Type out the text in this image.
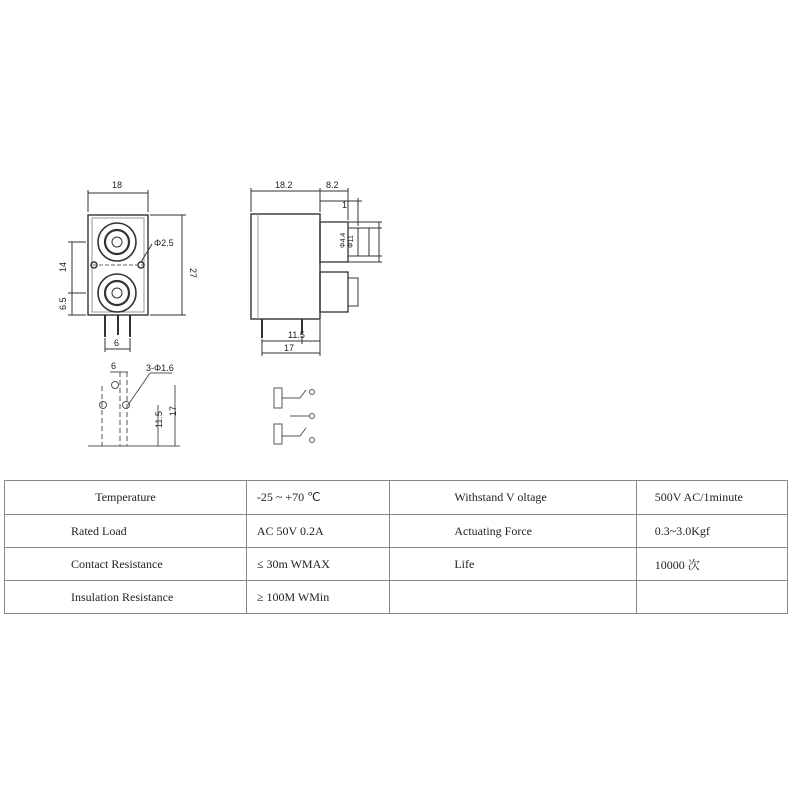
18
Φ2.5
27
14
6.5
6
18.2	8.2
1
Φ4.4 Φ11
11.5
17
6	3-Φ1.6
11.5
17
Temperature	-25 ~ +70 ℃	Withstand V oltage	500V AC/1minute
Rated Load	AC 50V 0.2A	Actuating Force	0.3~3.0Kgf
Contact Resistance	≤ 30m WMAX	Life	10000 次
Insulation Resistance	≥ 100M WMin		
